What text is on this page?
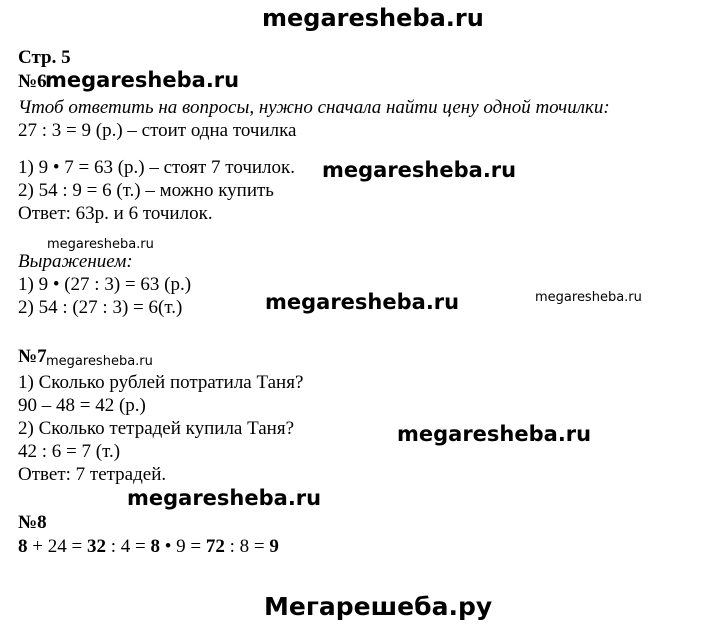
megaresheba.ru
Стр. 5
№6
megaresheba.ru
Чтоб ответить на вопросы, нужно сначала найти цену одной точилки:
27 : 3 = 9 (р.) – стоит одна точилка
1) 9 • 7 = 63 (р.) – стоят 7 точилок. megaresheba.ru
2) 54 : 9 = 6 (т.) – можно купить
Ответ: 63р. и 6 точилок.
megaresheba.ru
Выражением:
1) 9 • (27 : 3) = 63 (р.)
2) 54 : (27 : 3) = 6(т.)	megaresheba.ru	megaresheba.ru
№7 megaresheba.ru
1) Сколько рублей потратила Таня?
90 – 48 = 42 (р.)
2) Сколько тетрадей купила Таня?	megaresheba.ru
42 : 6 = 7 (т.)
Ответ: 7 тетрадей.
megaresheba.ru
№8
8 + 24 = 32 : 4 = 8 • 9 = 72 : 8 = 9
Мегарешеба.ру
